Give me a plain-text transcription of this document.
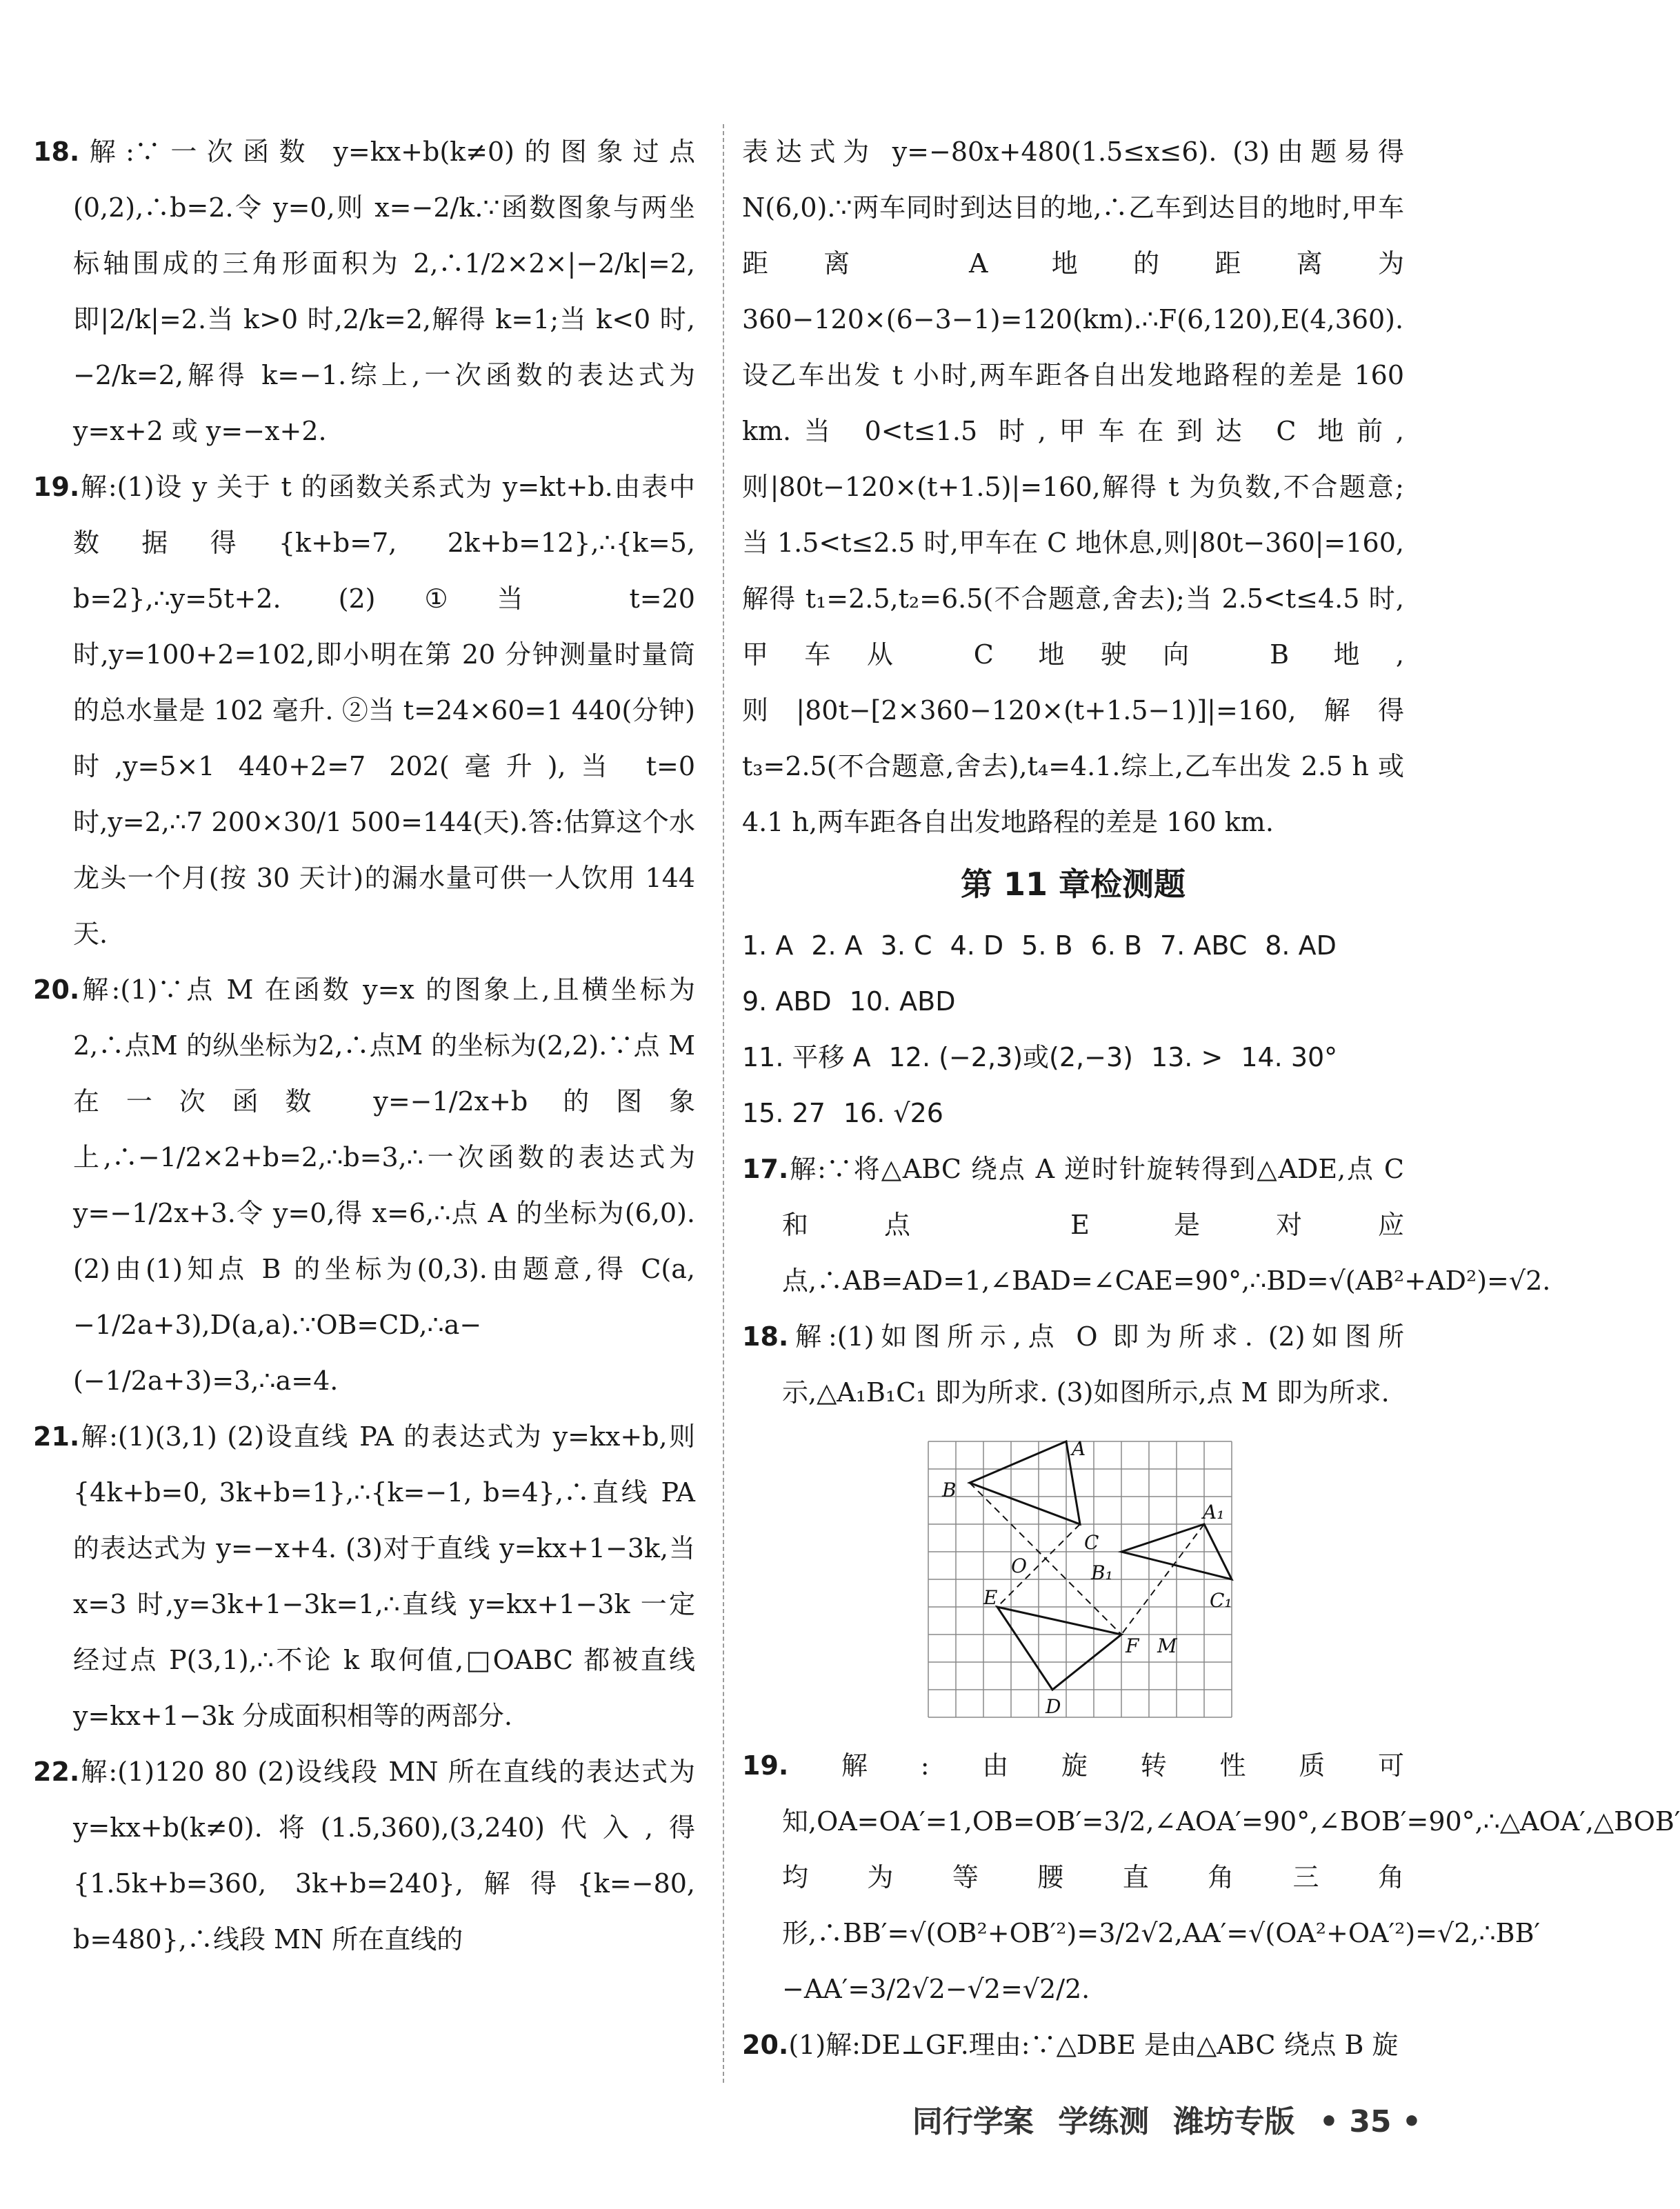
18.解:∵一次函数 y=kx+b(k≠0)的图象过点(0,2),∴b=2.令 y=0,则 x=−2/k.∵函数图象与两坐标轴围成的三角形面积为 2,∴1/2×2×|−2/k|=2,即|2/k|=2.当 k>0 时,2/k=2,解得 k=1;当 k<0 时,−2/k=2,解得 k=−1.综上,一次函数的表达式为 y=x+2 或 y=−x+2.

19.解:(1)设 y 关于 t 的函数关系式为 y=kt+b.由表中数据得{k+b=7, 2k+b=12},∴{k=5, b=2},∴y=5t+2. (2)①当 t=20 时,y=100+2=102,即小明在第 20 分钟测量时量筒的总水量是 102 毫升. ②当 t=24×60=1 440(分钟)时,y=5×1 440+2=7 202(毫升),当 t=0 时,y=2,∴7 200×30/1 500=144(天).答:估算这个水龙头一个月(按 30 天计)的漏水量可供一人饮用 144 天.

20.解:(1)∵点 M 在函数 y=x 的图象上,且横坐标为 2,∴点M 的纵坐标为2,∴点M 的坐标为(2,2).∵点 M 在一次函数 y=−1/2x+b 的图象上,∴−1/2×2+b=2,∴b=3,∴一次函数的表达式为 y=−1/2x+3.令 y=0,得 x=6,∴点 A 的坐标为(6,0). (2)由(1)知点 B 的坐标为(0,3).由题意,得 C(a,−1/2a+3),D(a,a).∵OB=CD,∴a−(−1/2a+3)=3,∴a=4.

21.解:(1)(3,1) (2)设直线 PA 的表达式为 y=kx+b,则{4k+b=0, 3k+b=1},∴{k=−1, b=4},∴直线 PA 的表达式为 y=−x+4. (3)对于直线 y=kx+1−3k,当 x=3 时,y=3k+1−3k=1,∴直线 y=kx+1−3k 一定经过点 P(3,1),∴不论 k 取何值,□OABC 都被直线 y=kx+1−3k 分成面积相等的两部分.

22.解:(1)120 80 (2)设线段 MN 所在直线的表达式为 y=kx+b(k≠0).将(1.5,360),(3,240)代入,得{1.5k+b=360, 3k+b=240},解得{k=−80, b=480},∴线段 MN 所在直线的

表达式为 y=−80x+480(1.5≤x≤6). (3)由题易得 N(6,0).∵两车同时到达目的地,∴乙车到达目的地时,甲车距离 A 地的距离为 360−120×(6−3−1)=120(km).∴F(6,120),E(4,360).设乙车出发 t 小时,两车距各自出发地路程的差是 160 km.当 0<t≤1.5 时,甲车在到达 C 地前,则|80t−120×(t+1.5)|=160,解得 t 为负数,不合题意;当 1.5<t≤2.5 时,甲车在 C 地休息,则|80t−360|=160,解得 t₁=2.5,t₂=6.5(不合题意,舍去);当 2.5<t≤4.5 时,甲车从 C 地驶向 B 地,则|80t−[2×360−120×(t+1.5−1)]|=160,解得 t₃=2.5(不合题意,舍去),t₄=4.1.综上,乙车出发 2.5 h 或 4.1 h,两车距各自出发地路程的差是 160 km.

第 11 章检测题

1. A 2. A 3. C 4. D 5. B 6. B 7. ABC 8. AD

9. ABD 10. ABD

11. 平移 A 12. (−2,3)或(2,−3) 13. > 14. 30°

15. 27 16. √26

17.解:∵将△ABC 绕点 A 逆时针旋转得到△ADE,点 C 和点 E 是对应点,∴AB=AD=1,∠BAD=∠CAE=90°,∴BD=√(AB²+AD²)=√2.

18.解:(1)如图所示,点 O 即为所求. (2)如图所示,△A₁B₁C₁ 即为所求. (3)如图所示,点 M 即为所求.

A
B
C
O	B₁
A₁
C₁
E
F M
D

19.解:由旋转性质可知,OA=OA′=1,OB=OB′=3/2,∠AOA′=90°,∠BOB′=90°,∴△AOA′,△BOB′均为等腰直角三角形,∴BB′=√(OB²+OB′²)=3/2√2,AA′=√(OA²+OA′²)=√2,∴BB′−AA′=3/2√2−√2=√2/2.

20.(1)解:DE⊥GF.理由:∵△DBE 是由△ABC 绕点 B 旋

同行学案 学练测 潍坊专版 • 35 •
